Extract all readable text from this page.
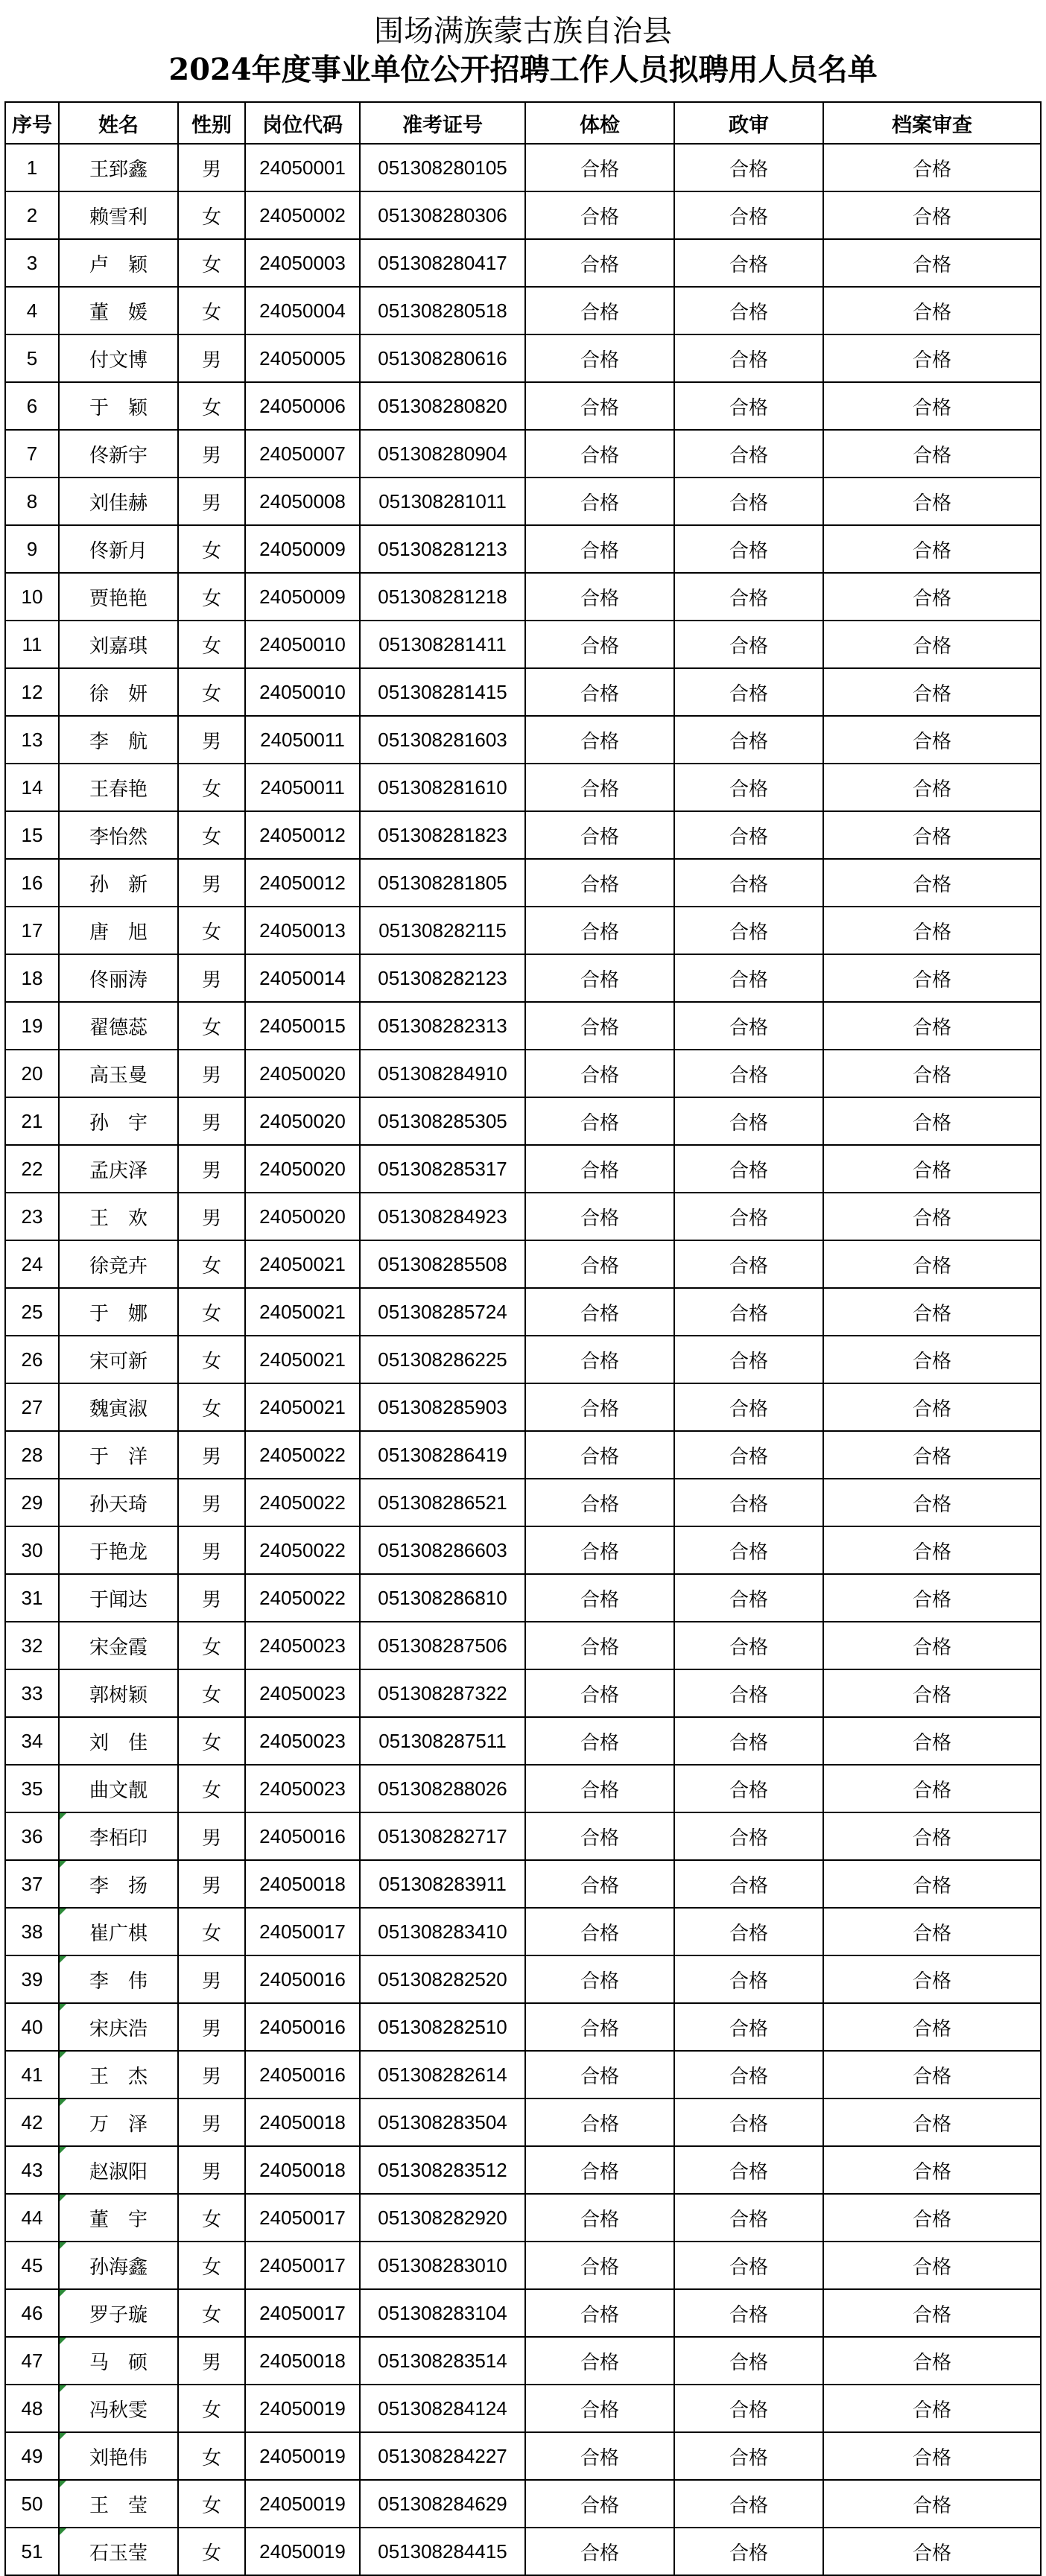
围场满族蒙古族自治县
2024年度事业单位公开招聘工作人员拟聘用人员名单
序号	姓名	性别	岗位代码	准考证号	体检	政审	档案审查
1	王郅鑫	男	24050001	051308280105	合格	合格	合格
2	赖雪利	女	24050002	051308280306	合格	合格	合格
3	卢　颖	女	24050003	051308280417	合格	合格	合格
4	董　媛	女	24050004	051308280518	合格	合格	合格
5	付文博	男	24050005	051308280616	合格	合格	合格
6	于　颖	女	24050006	051308280820	合格	合格	合格
7	佟新宇	男	24050007	051308280904	合格	合格	合格
8	刘佳赫	男	24050008	051308281011	合格	合格	合格
9	佟新月	女	24050009	051308281213	合格	合格	合格
10	贾艳艳	女	24050009	051308281218	合格	合格	合格
11	刘嘉琪	女	24050010	051308281411	合格	合格	合格
12	徐　妍	女	24050010	051308281415	合格	合格	合格
13	李　航	男	24050011	051308281603	合格	合格	合格
14	王春艳	女	24050011	051308281610	合格	合格	合格
15	李怡然	女	24050012	051308281823	合格	合格	合格
16	孙　新	男	24050012	051308281805	合格	合格	合格
17	唐　旭	女	24050013	051308282115	合格	合格	合格
18	佟丽涛	男	24050014	051308282123	合格	合格	合格
19	翟德蕊	女	24050015	051308282313	合格	合格	合格
20	高玉曼	男	24050020	051308284910	合格	合格	合格
21	孙　宇	男	24050020	051308285305	合格	合格	合格
22	孟庆泽	男	24050020	051308285317	合格	合格	合格
23	王　欢	男	24050020	051308284923	合格	合格	合格
24	徐竞卉	女	24050021	051308285508	合格	合格	合格
25	于　娜	女	24050021	051308285724	合格	合格	合格
26	宋可新	女	24050021	051308286225	合格	合格	合格
27	魏寅淑	女	24050021	051308285903	合格	合格	合格
28	于　洋	男	24050022	051308286419	合格	合格	合格
29	孙天琦	男	24050022	051308286521	合格	合格	合格
30	于艳龙	男	24050022	051308286603	合格	合格	合格
31	于闻达	男	24050022	051308286810	合格	合格	合格
32	宋金霞	女	24050023	051308287506	合格	合格	合格
33	郭树颖	女	24050023	051308287322	合格	合格	合格
34	刘　佳	女	24050023	051308287511	合格	合格	合格
35	曲文靓	女	24050023	051308288026	合格	合格	合格
36	李栢印	男	24050016	051308282717	合格	合格	合格
37	李　扬	男	24050018	051308283911	合格	合格	合格
38	崔广棋	女	24050017	051308283410	合格	合格	合格
39	李　伟	男	24050016	051308282520	合格	合格	合格
40	宋庆浩	男	24050016	051308282510	合格	合格	合格
41	王　杰	男	24050016	051308282614	合格	合格	合格
42	万　泽	男	24050018	051308283504	合格	合格	合格
43	赵淑阳	男	24050018	051308283512	合格	合格	合格
44	董　宇	女	24050017	051308282920	合格	合格	合格
45	孙海鑫	女	24050017	051308283010	合格	合格	合格
46	罗子璇	女	24050017	051308283104	合格	合格	合格
47	马　硕	男	24050018	051308283514	合格	合格	合格
48	冯秋雯	女	24050019	051308284124	合格	合格	合格
49	刘艳伟	女	24050019	051308284227	合格	合格	合格
50	王　莹	女	24050019	051308284629	合格	合格	合格
51	石玉莹	女	24050019	051308284415	合格	合格	合格
